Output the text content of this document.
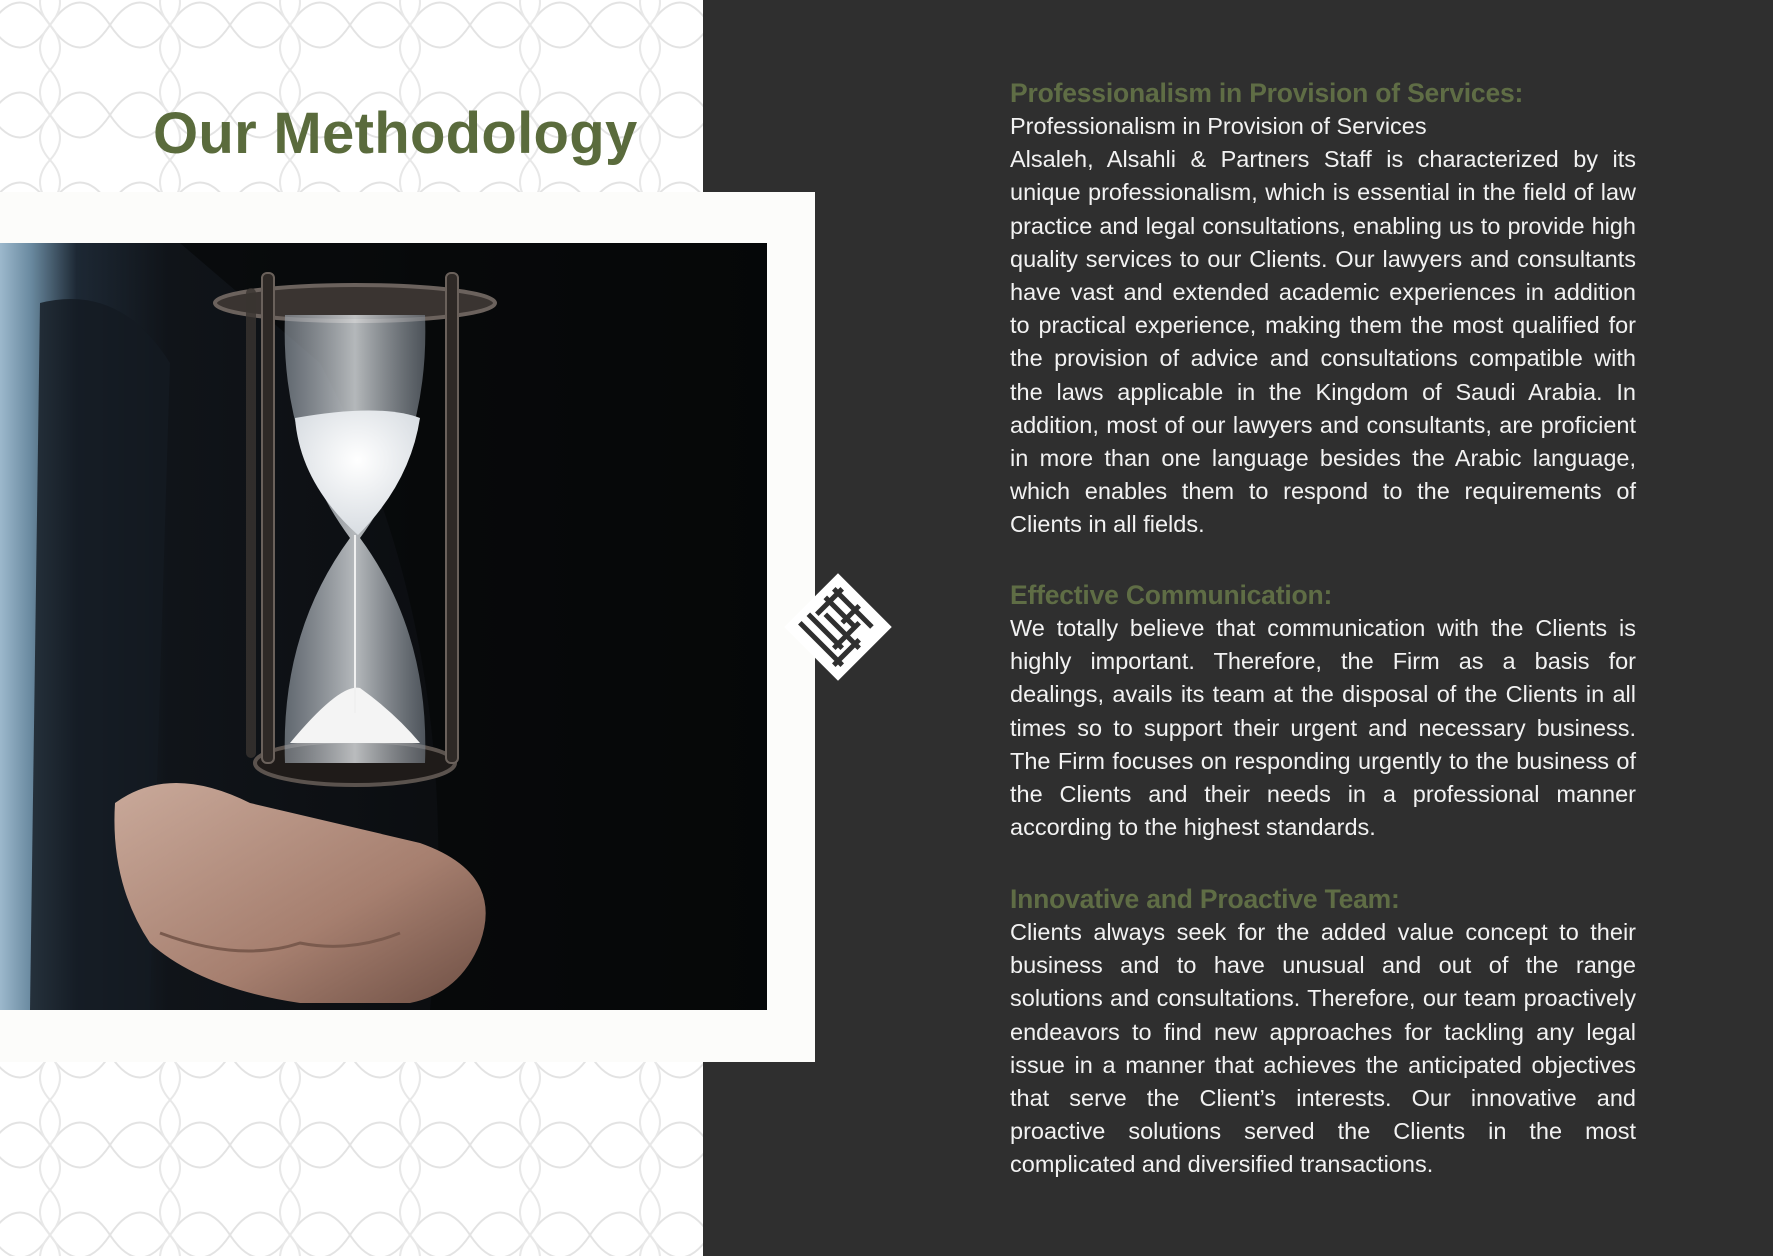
Our Methodology
Professionalism in Provision of Services:

Professionalism in Provision of Services

Alsaleh, Alsahli & Partners Staff is characterized by its unique professionalism, which is essential in the field of law practice and legal consultations, enabling us to provide high quality services to our Clients. Our lawyers and consultants have vast and extended academic experiences in addition to practical experience, making them the most qualified for the provision of advice and consultations compatible with the laws applicable in the Kingdom of Saudi Arabia. In addition, most of our lawyers and consultants, are proficient in more than one language besides the Arabic language, which enables them to respond to the requirements of Clients in all fields.

Effective Communication:

We totally believe that communication with the Clients is highly important. Therefore, the Firm as a basis for dealings, avails its team at the disposal of the Clients in all times so to support their urgent and necessary business. The Firm focuses on responding urgently to the business of the Clients and their needs in a professional manner according to the highest standards.

Innovative and Proactive Team:

Clients always seek for the added value concept to their business and to have unusual and out of the range solutions and consultations. Therefore, our team proactively endeavors to find new approaches for tackling any legal issue in a manner that achieves the anticipated objectives that serve the Client’s interests. Our innovative and proactive solutions served the Clients in the most complicated and diversified transactions.
